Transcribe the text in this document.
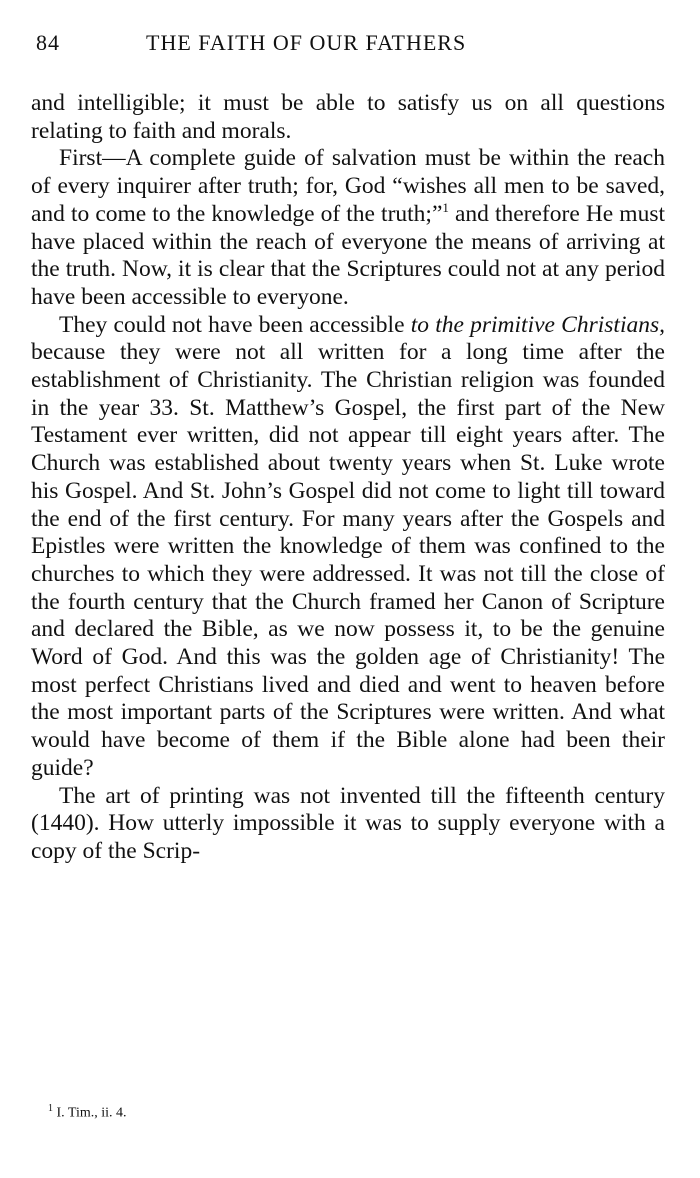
84	THE FAITH OF OUR FATHERS

and intelligible; it must be able to satisfy us on all questions relating to faith and morals.

First—A complete guide of salvation must be within the reach of every inquirer after truth; for, God “wishes all men to be saved, and to come to the knowledge of the truth;”$^1$ and therefore He must have placed within the reach of everyone the means of arriving at the truth. Now, it is clear that the Scriptures could not at any period have been accessible to everyone.

They could not have been accessible to the primitive Christians, because they were not all written for a long time after the establishment of Christianity. The Christian religion was founded in the year 33. St. Matthew’s Gospel, the first part of the New Testament ever written, did not appear till eight years after. The Church was established about twenty years when St. Luke wrote his Gospel. And St. John’s Gospel did not come to light till toward the end of the first century. For many years after the Gospels and Epistles were written the knowledge of them was confined to the churches to which they were addressed. It was not till the close of the fourth century that the Church framed her Canon of Scripture and declared the Bible, as we now possess it, to be the genuine Word of God. And this was the golden age of Christianity! The most perfect Christians lived and died and went to heaven before the most important parts of the Scriptures were written. And what would have become of them if the Bible alone had been their guide?

The art of printing was not invented till the fifteenth century (1440). How utterly impossible it was to supply everyone with a copy of the Scrip-

$^1$ I. Tim., ii. 4.
